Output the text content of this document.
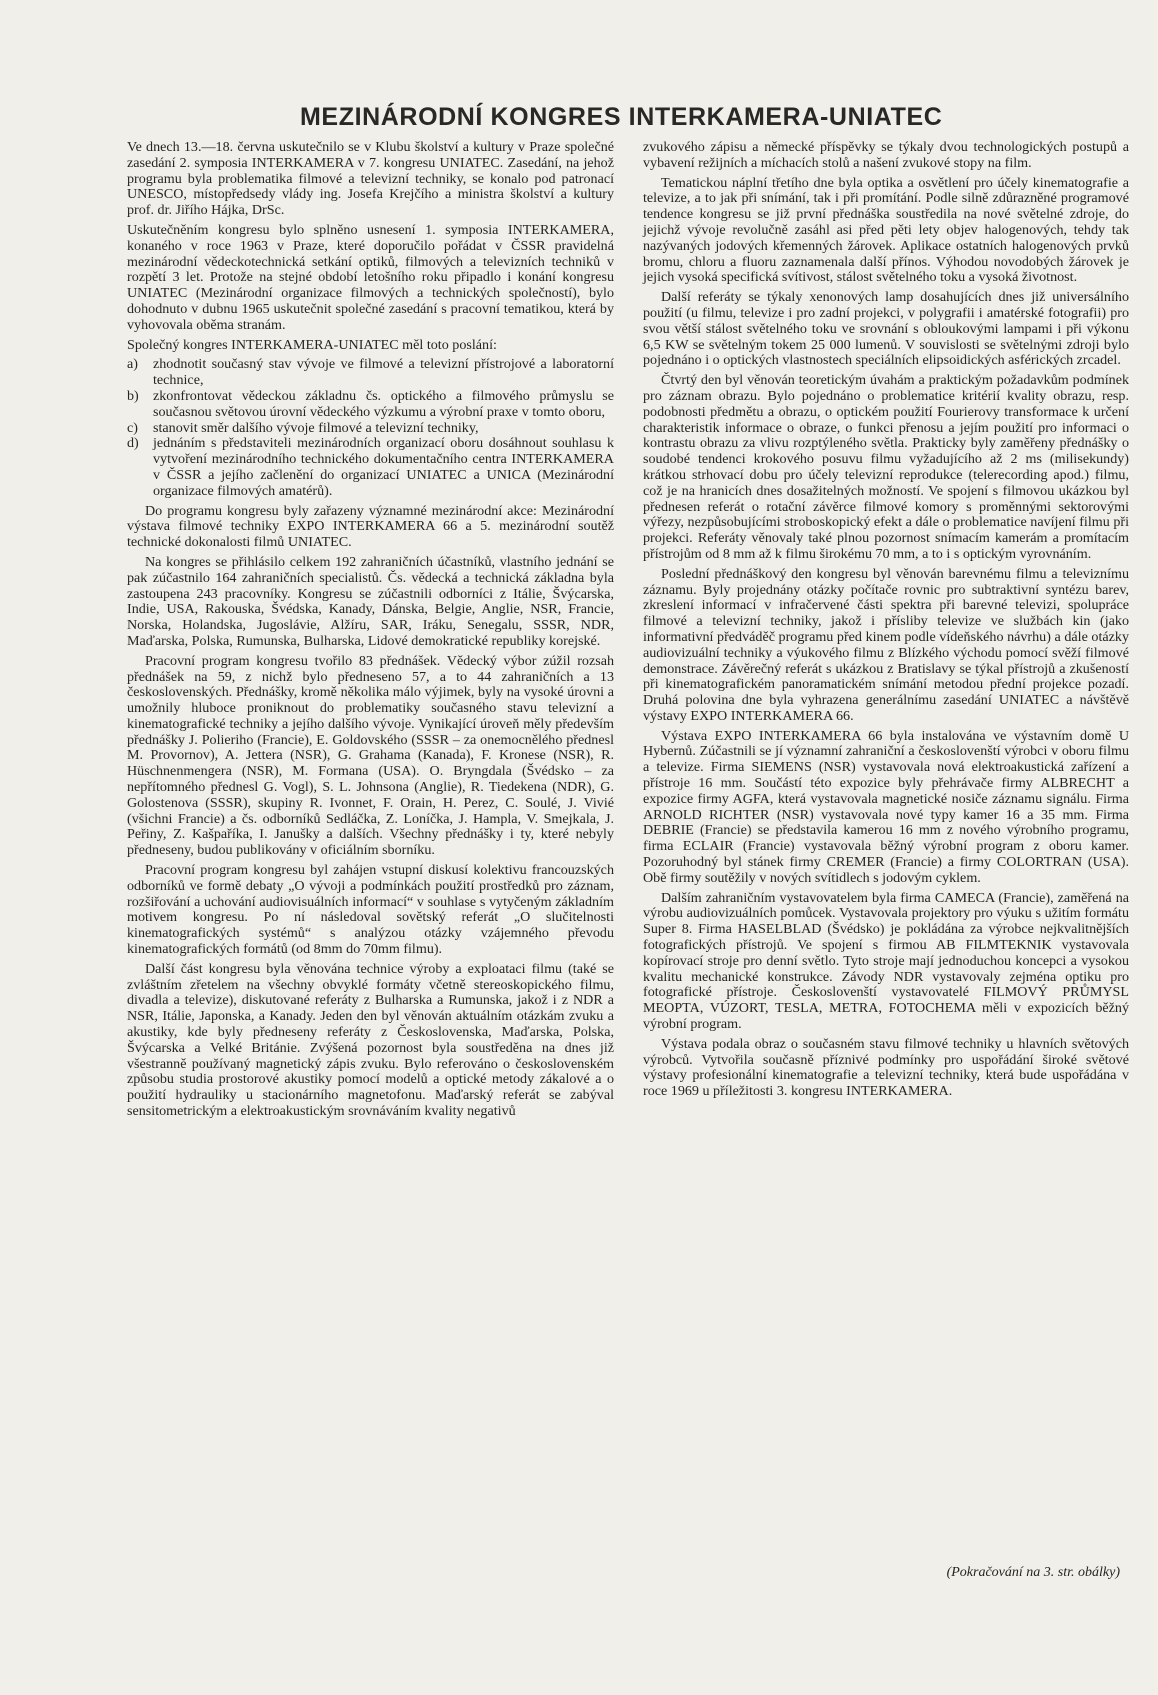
MEZINÁRODNÍ KONGRES INTERKAMERA-UNIATEC

Ve dnech 13.—18. června uskutečnilo se v Klubu školství a kultury v Praze společné zasedání 2. symposia INTERKAMERA v 7. kongresu UNIATEC. Zasedání, na jehož programu byla problematika filmové a televizní techniky, se konalo pod patronací UNESCO, místopředsedy vlády ing. Josefa Krejčího a ministra školství a kultury prof. dr. Jiřího Hájka, DrSc.

Uskutečněním kongresu bylo splněno usnesení 1. symposia INTERKAMERA, konaného v roce 1963 v Praze, které doporučilo pořádat v ČSSR pravidelná mezinárodní vědeckotechnická setkání optiků, filmových a televizních techniků v rozpětí 3 let. Protože na stejné období letošního roku připadlo i konání kongresu UNIATEC (Mezinárodní organizace filmových a technických společností), bylo dohodnuto v dubnu 1965 uskutečnit společné zasedání s pracovní tematikou, která by vyhovovala oběma stranám.

Společný kongres INTERKAMERA-UNIATEC měl toto poslání:

a) zhodnotit současný stav vývoje ve filmové a televizní přístrojové a laboratorní technice,
b) zkonfrontovat vědeckou základnu čs. optického a filmového průmyslu se současnou světovou úrovní vědeckého výzkumu a výrobní praxe v tomto oboru,
c) stanovit směr dalšího vývoje filmové a televizní techniky,
d) jednáním s představiteli mezinárodních organizací oboru dosáhnout souhlasu k vytvoření mezinárodního technického dokumentačního centra INTERKAMERA v ČSSR a jejího začlenění do organizací UNIATEC a UNICA (Mezinárodní organizace filmových amatérů).

Do programu kongresu byly zařazeny významné mezinárodní akce: Mezinárodní výstava filmové techniky EXPO INTERKAMERA 66 a 5. mezinárodní soutěž technické dokonalosti filmů UNIATEC.

Na kongres se přihlásilo celkem 192 zahraničních účastníků, vlastního jednání se pak zúčastnilo 164 zahraničních specialistů. Čs. vědecká a technická základna byla zastoupena 243 pracovníky. Kongresu se zúčastnili odborníci z Itálie, Švýcarska, Indie, USA, Rakouska, Švédska, Kanady, Dánska, Belgie, Anglie, NSR, Francie, Norska, Holandska, Jugoslávie, Alžíru, SAR, Iráku, Senegalu, SSSR, NDR, Maďarska, Polska, Rumunska, Bulharska, Lidové demokratické republiky korejské.

Pracovní program kongresu tvořilo 83 přednášek. Vědecký výbor zúžil rozsah přednášek na 59, z nichž bylo předneseno 57, a to 44 zahraničních a 13 československých. Přednášky, kromě několika málo výjimek, byly na vysoké úrovni a umožnily hluboce proniknout do problematiky současného stavu televizní a kinematografické techniky a jejího dalšího vývoje. Vynikající úroveň měly především přednášky J. Polieriho (Francie), E. Goldovského (SSSR – za onemocnělého přednesl M. Provornov), A. Jettera (NSR), G. Grahama (Kanada), F. Kronese (NSR), R. Hüschnenmengera (NSR), M. Formana (USA). O. Bryngdala (Švédsko – za nepřítomného přednesl G. Vogl), S. L. Johnsona (Anglie), R. Tiedekena (NDR), G. Golostenova (SSSR), skupiny R. Ivonnet, F. Orain, H. Perez, C. Soulé, J. Vivié (všichni Francie) a čs. odborníků Sedláčka, Z. Loníčka, J. Hampla, V. Smejkala, J. Peřiny, Z. Kašpaříka, I. Janušky a dalších. Všechny přednášky i ty, které nebyly předneseny, budou publikovány v oficiálním sborníku.

Pracovní program kongresu byl zahájen vstupní diskusí kolektivu francouzských odborníků ve formě debaty „O vývoji a podmínkách použití prostředků pro záznam, rozšiřování a uchování audiovisuálních informací“ v souhlase s vytyčeným základním motivem kongresu. Po ní následoval sovětský referát „O slučitelnosti kinematografických systémů“ s analýzou otázky vzájemného převodu kinematografických formátů (od 8mm do 70mm filmu).

Další část kongresu byla věnována technice výroby a exploataci filmu (také se zvláštním zřetelem na všechny obvyklé formáty včetně stereoskopického filmu, divadla a televize), diskutované referáty z Bulharska a Rumunska, jakož i z NDR a NSR, Itálie, Japonska, a Kanady. Jeden den byl věnován aktuálním otázkám zvuku a akustiky, kde byly předneseny referáty z Československa, Maďarska, Polska, Švýcarska a Velké Británie. Zvýšená pozornost byla soustředěna na dnes již všestranně používaný magnetický zápis zvuku. Bylo referováno o československém způsobu studia prostorové akustiky pomocí modelů a optické metody zákalové a o použití hydrauliky u stacionárního magnetofonu. Maďarský referát se zabýval sensitometrickým a elektroakustickým srovnáváním kvality negativů

zvukového zápisu a německé příspěvky se týkaly dvou technologických postupů a vybavení režijních a míchacích stolů a našení zvukové stopy na film.

Tematickou náplní třetího dne byla optika a osvětlení pro účely kinematografie a televize, a to jak při snímání, tak i při promítání. Podle silně zdůrazněné programové tendence kongresu se již první přednáška soustředila na nové světelné zdroje, do jejichž vývoje revolučně zasáhl asi před pěti lety objev halogenových, tehdy tak nazývaných jodových křemenných žárovek. Aplikace ostatních halogenových prvků bromu, chloru a fluoru zaznamenala další přínos. Výhodou novodobých žárovek je jejich vysoká specifická svítivost, stálost světelného toku a vysoká životnost.

Další referáty se týkaly xenonových lamp dosahujících dnes již universálního použití (u filmu, televize i pro zadní projekci, v polygrafii i amatérské fotografii) pro svou větší stálost světelného toku ve srovnání s obloukovými lampami i při výkonu 6,5 KW se světelným tokem 25 000 lumenů. V souvislosti se světelnými zdroji bylo pojednáno i o optických vlastnostech speciálních elipsoidických asférických zrcadel.

Čtvrtý den byl věnován teoretickým úvahám a praktickým požadavkům podmínek pro záznam obrazu. Bylo pojednáno o problematice kritérií kvality obrazu, resp. podobnosti předmětu a obrazu, o optickém použití Fourierovy transformace k určení charakteristik informace o obraze, o funkci přenosu a jejím použití pro informaci o kontrastu obrazu za vlivu rozptýleného světla. Prakticky byly zaměřeny přednášky o soudobé tendenci krokového posuvu filmu vyžadujícího až 2 ms (milisekundy) krátkou strhovací dobu pro účely televizní reprodukce (telerecording apod.) filmu, což je na hranicích dnes dosažitelných možností. Ve spojení s filmovou ukázkou byl přednesen referát o rotační závěrce filmové komory s proměnnými sektorovými výřezy, nezpůsobujícími stroboskopický efekt a dále o problematice navíjení filmu při projekci. Referáty věnovaly také plnou pozornost snímacím kamerám a promítacím přístrojům od 8 mm až k filmu širokému 70 mm, a to i s optickým vyrovnáním.

Poslední přednáškový den kongresu byl věnován barevnému filmu a televiznímu záznamu. Byly projednány otázky počítače rovnic pro subtraktivní syntézu barev, zkreslení informací v infračervené části spektra při barevné televizi, spolupráce filmové a televizní techniky, jakož i přísliby televize ve službách kin (jako informativní předváděč programu před kinem podle vídeňského návrhu) a dále otázky audiovizuální techniky a výukového filmu z Blízkého východu pomocí svěží filmové demonstrace. Závěrečný referát s ukázkou z Bratislavy se týkal přístrojů a zkušeností při kinematografickém panoramatickém snímání metodou přední projekce pozadí. Druhá polovina dne byla vyhrazena generálnímu zasedání UNIATEC a návštěvě výstavy EXPO INTERKAMERA 66.

Výstava EXPO INTERKAMERA 66 byla instalována ve výstavním domě U Hybernů. Zúčastnili se jí významní zahraniční a českoslovenští výrobci v oboru filmu a televize. Firma SIEMENS (NSR) vystavovala nová elektroakustická zařízení a přístroje 16 mm. Součástí této expozice byly přehrávače firmy ALBRECHT a expozice firmy AGFA, která vystavovala magnetické nosiče záznamu signálu. Firma ARNOLD RICHTER (NSR) vystavovala nové typy kamer 16 a 35 mm. Firma DEBRIE (Francie) se představila kamerou 16 mm z nového výrobního programu, firma ECLAIR (Francie) vystavovala běžný výrobní program z oboru kamer. Pozoruhodný byl stánek firmy CREMER (Francie) a firmy COLORTRAN (USA). Obě firmy soutěžily v nových svítidlech s jodovým cyklem.

Dalším zahraničním vystavovatelem byla firma CAMECA (Francie), zaměřená na výrobu audiovizuálních pomůcek. Vystavovala projektory pro výuku s užitím formátu Super 8. Firma HASELBLAD (Švédsko) je pokládána za výrobce nejkvalitnějších fotografických přístrojů. Ve spojení s firmou AB FILMTEKNIK vystavovala kopírovací stroje pro denní světlo. Tyto stroje mají jednoduchou koncepci a vysokou kvalitu mechanické konstrukce. Závody NDR vystavovaly zejména optiku pro fotografické přístroje. Českoslovenští vystavovatelé FILMOVÝ PRŮMYSL MEOPTA, VÚZORT, TESLA, METRA, FOTOCHEMA měli v expozicích běžný výrobní program.

Výstava podala obraz o současném stavu filmové techniky u hlavních světových výrobců. Vytvořila současně příznivé podmínky pro uspořádání široké světové výstavy profesionální kinematografie a televizní techniky, která bude uspořádána v roce 1969 u příležitosti 3. kongresu INTERKAMERA.

(Pokračování na 3. str. obálky)
